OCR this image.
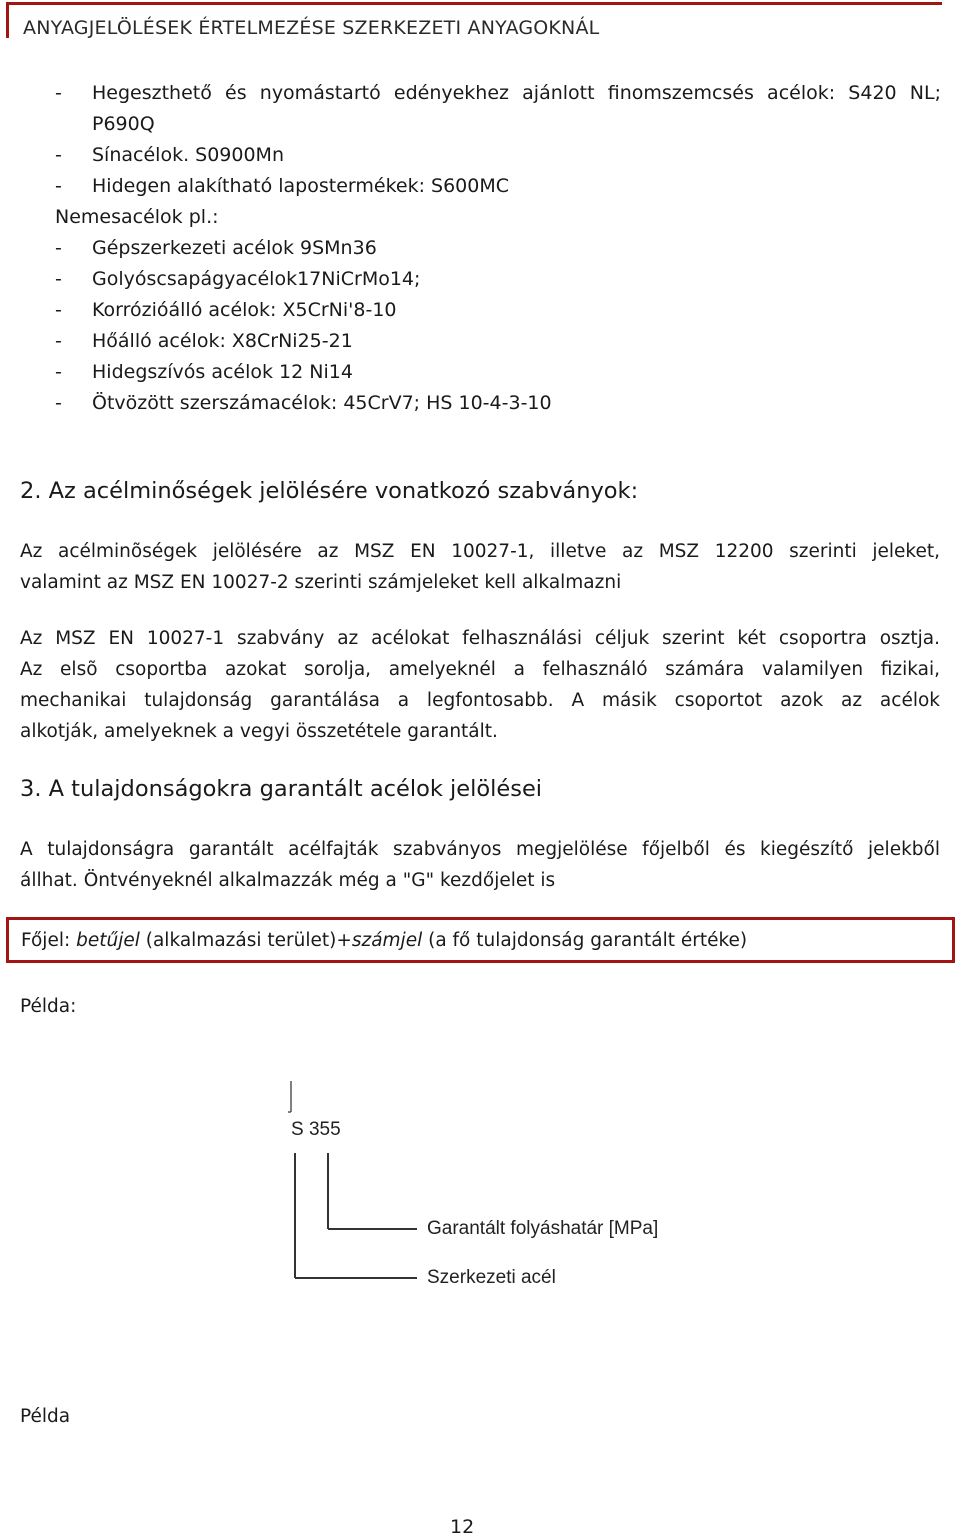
ANYAGJELÖLÉSEK ÉRTELMEZÉSE SZERKEZETI ANYAGOKNÁL
-	Hegeszthető és nyomástartó edényekhez ajánlott finomszemcsés acélok: S420 NL;
P690Q
- Sínacélok. S0900Mn
- Hidegen alakítható lapostermékek: S600MC
Nemesacélok pl.:
- Gépszerkezeti acélok 9SMn36
- Golyóscsapágyacélok17NiCrMo14;
- Korrózióálló acélok: X5CrNi'8-10
- Hőálló acélok: X8CrNi25-21
- Hidegszívós acélok 12 Ni14
- Ötvözött szerszámacélok: 45CrV7; HS 10-4-3-10
2. Az acélminőségek jelölésére vonatkozó szabványok:
Az acélminõségek jelölésére az MSZ EN 10027-1, illetve az MSZ 12200 szerinti jeleket,
valamint az MSZ EN 10027-2 szerinti számjeleket kell alkalmazni
Az MSZ EN 10027-1 szabvány az acélokat felhasználási céljuk szerint két csoportra osztja.
Az elsõ csoportba azokat sorolja, amelyeknél a felhasználó számára valamilyen fizikai,
mechanikai tulajdonság garantálása a legfontosabb. A másik csoportot azok az acélok
alkotják, amelyeknek a vegyi összetétele garantált.
3. A tulajdonságokra garantált acélok jelölései
A tulajdonságra garantált acélfajták szabványos megjelölése főjelből és kiegészítő jelekből
állhat. Öntvényeknél alkalmazzák még a "G" kezdőjelet is
Főjel: betűjel (alkalmazási terület)+számjel (a fő tulajdonság garantált értéke)
Példa:
S 355
Garantált folyáshatár [MPa]
Szerkezeti acél
Példa
12
